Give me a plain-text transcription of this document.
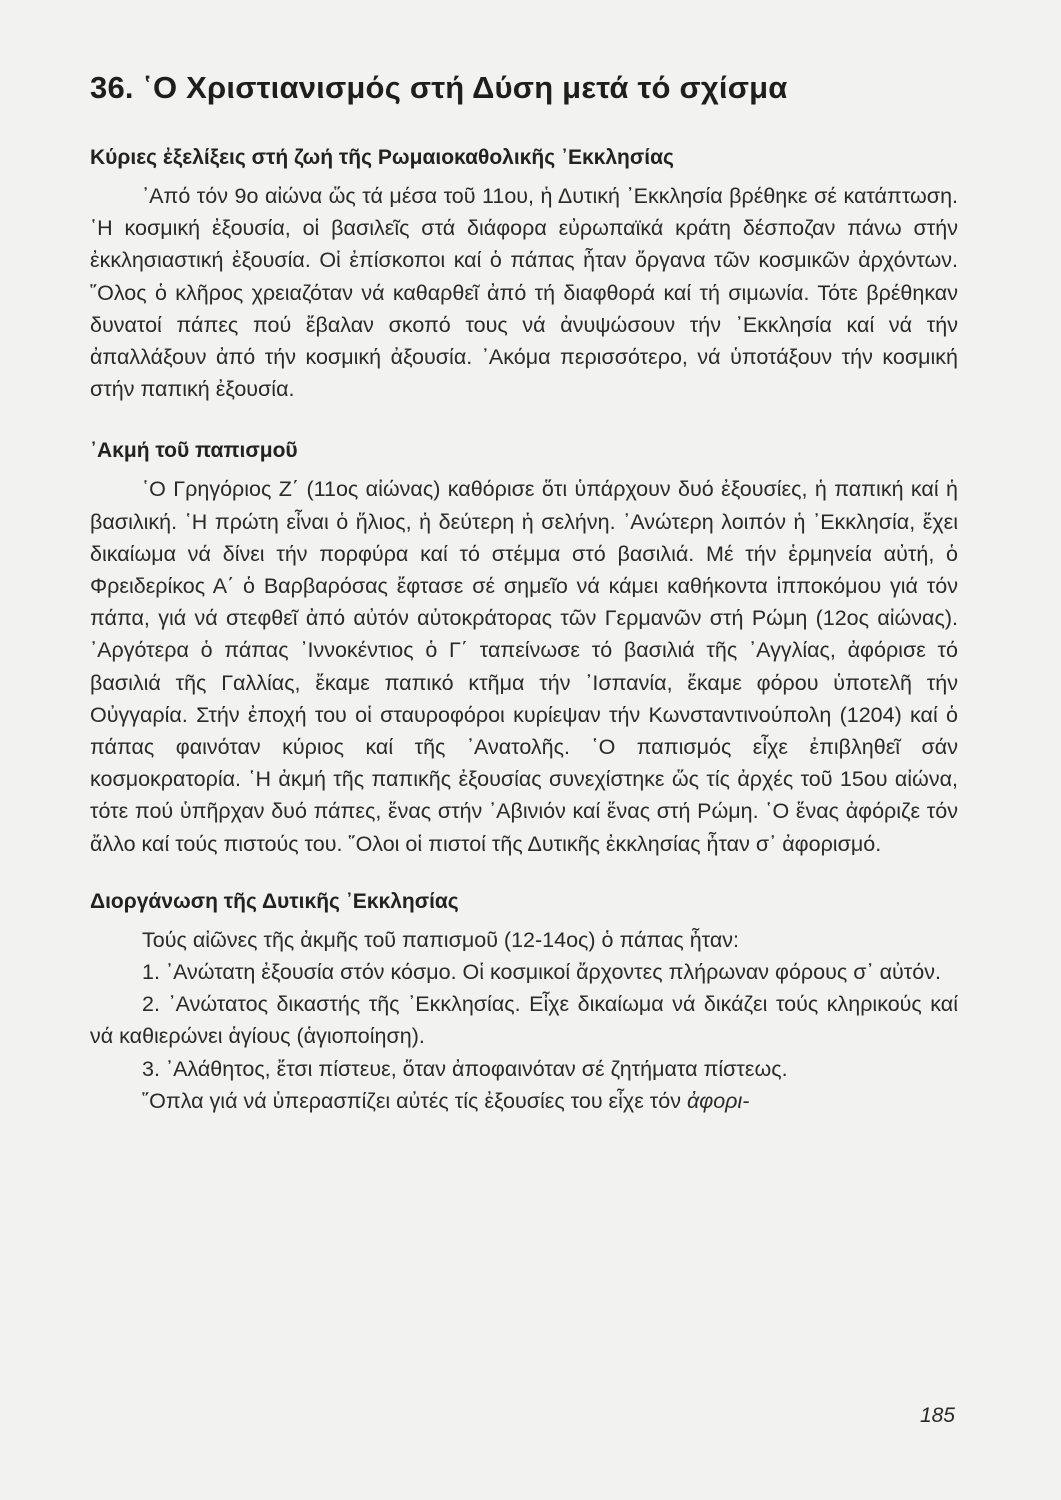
36. ῾Ο Χριστιανισμός στή Δύση μετά τό σχίσμα
Κύριες ἐξελίξεις στή ζωή τῆς Ρωμαιοκαθολικῆς ᾿Εκκλησίας

᾿Από τόν 9ο αἰώνα ὥς τά μέσα τοῦ 11ου, ἡ Δυτική ᾿Εκκλησία βρέθηκε σέ κατάπτωση. ῾Η κοσμική ἐξουσία, οἱ βασιλεῖς στά διάφορα εὐρωπαϊκά κράτη δέσποζαν πάνω στήν ἐκκλησιαστική ἐξουσία. Οἱ ἐπίσκοποι καί ὁ πάπας ἦταν ὄργανα τῶν κοσμικῶν ἀρχόντων. ῞Ολος ὁ κλῆρος χρειαζόταν νά καθαρθεῖ ἀπό τή διαφθορά καί τή σιμωνία. Τότε βρέθηκαν δυνατοί πάπες πού ἔβαλαν σκοπό τους νά ἀνυψώσουν τήν ᾿Εκκλησία καί νά τήν ἀπαλλάξουν ἀπό τήν κοσμική ἀξουσία. ᾿Ακόμα περισσότερο, νά ὑποτάξουν τήν κοσμική στήν παπική ἐξουσία.

᾿Ακμή τοῦ παπισμοῦ

῾Ο Γρηγόριος Ζ΄ (11ος αἰώνας) καθόρισε ὅτι ὑπάρχουν δυό ἐξουσίες, ἡ παπική καί ἡ βασιλική. ῾Η πρώτη εἶναι ὁ ἥλιος, ἡ δεύτερη ἡ σελήνη. ᾿Ανώτερη λοιπόν ἡ ᾿Εκκλησία, ἔχει δικαίωμα νά δίνει τήν πορφύρα καί τό στέμμα στό βασιλιά. Μέ τήν ἑρμηνεία αὐτή, ὁ Φρειδερίκος Α΄ ὁ Βαρβαρόσας ἔφτασε σέ σημεῖο νά κάμει καθήκοντα ἱπποκόμου γιά τόν πάπα, γιά νά στεφθεῖ ἀπό αὐτόν αὐτοκράτορας τῶν Γερμανῶν στή Ρώμη (12ος αἰώνας). ᾿Αργότερα ὁ πάπας ᾿Ιννοκέντιος ὁ Γ΄ ταπείνωσε τό βασιλιά τῆς ᾿Αγγλίας, ἀφόρισε τό βασιλιά τῆς Γαλλίας, ἔκαμε παπικό κτῆμα τήν ᾿Ισπανία, ἔκαμε φόρου ὑποτελῆ τήν Οὐγγαρία. Στήν ἐποχή του οἱ σταυροφόροι κυρίεψαν τήν Κωνσταντινούπολη (1204) καί ὁ πάπας φαινόταν κύριος καί τῆς ᾿Ανατολῆς. ῾Ο παπισμός εἶχε ἐπιβληθεῖ σάν κοσμοκρατορία. ῾Η ἀκμή τῆς παπικῆς ἐξουσίας συνεχίστηκε ὥς τίς ἀρχές τοῦ 15ου αἰώνα, τότε πού ὑπῆρχαν δυό πάπες, ἕνας στήν ᾿Αβινιόν καί ἕνας στή Ρώμη. ῾Ο ἕνας ἀφόριζε τόν ἄλλο καί τούς πιστούς του. ῞Ολοι οἱ πιστοί τῆς Δυτικῆς ἐκκλησίας ἦταν σ᾿ ἀφορισμό.

Διοργάνωση τῆς Δυτικῆς ᾿Εκκλησίας

Τούς αἰῶνες τῆς ἀκμῆς τοῦ παπισμοῦ (12-14ος) ὁ πάπας ἦταν:

1. ᾿Ανώτατη ἐξουσία στόν κόσμο. Οἱ κοσμικοί ἄρχοντες πλήρωναν φόρους σ᾿ αὐτόν.

2. ᾿Ανώτατος δικαστής τῆς ᾿Εκκλησίας. Εἶχε δικαίωμα νά δικάζει τούς κληρικούς καί νά καθιερώνει ἁγίους (ἁγιοποίηση).

3. ᾿Αλάθητος, ἔτσι πίστευε, ὅταν ἀποφαινόταν σέ ζητήματα πίστεως.

῞Οπλα γιά νά ὑπερασπίζει αὐτές τίς ἐξουσίες του εἶχε τόν ἀφορι-

185
